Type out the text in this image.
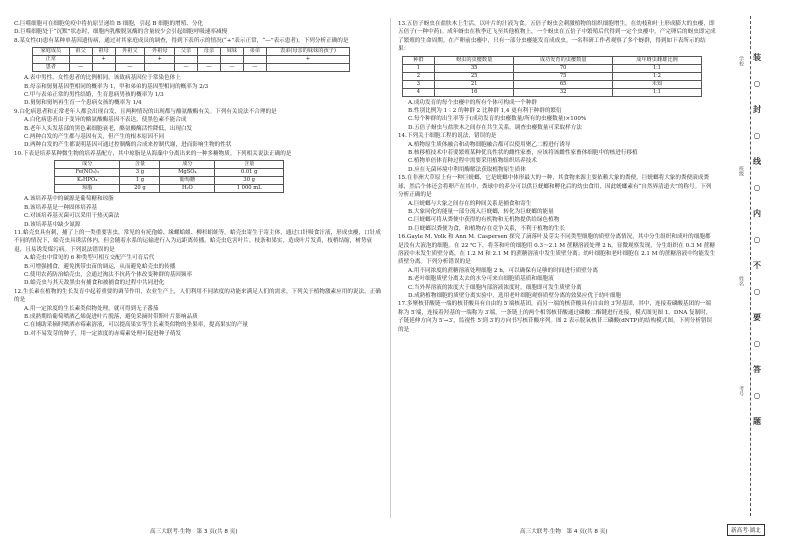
C.巨噬细胞可在细胞免疫中将抗原呈递给 B 细胞，引起 B 细胞的增殖、分化

D.巨噬细胞处于“沉默”状态时，细胞内乳酸脱氢酶的含量较少会引起细胞呼吸速率减慢

8.某女性(Ⅰ)患有某种单基因遗传病，通过对其家庭成员的调查，得到下表所示的情况(“+”表示正常，“—”表示患者)。下列分析正确的是

家庭成员	祖父	祖母	外祖父	外祖母	父亲	母亲	妹妹	弟弟	表弟(母亲的妹妹的孩子)
正常		+		+					+
患者	—		—		—	—	—	—	

A.表中男性、女性患者的比例相同，该致病基因位于常染色体上

B.母亲和舅舅基因型相同的概率为 1，甲和弟弟的基因型相同的概率为 2/3

C.甲与表弟正常的男性结婚，生育患病男孩的概率为 1/3

D.舅舅和舅妈再生育一个患病女孩的概率为 1/4

9.白化病患者和正常老年人都会出现白发，且两种情况的出现都与酪氨酸酶有关。下列有关说法不合理的是

A.白化病患者由于变异的酪氨酸酶基因不表达，使黑色素不能合成

B.老年人头发基部的黑色素细胞衰老，酪氨酸酶活性降低，出现白发

C.两种白发的产生都与基因有关，但产生的根本原因不同

D.两种白发的产生都说明基因可通过控制酶的合成来控制代谢，进而影响生物的性状

10.下表是培养某种微生物的培养基配方，其中琼脂是从海藻中分离出来的一种多糖物质。下列相关说法正确的是

成分	含量	成分	含量
Fe(NO₃)₃	3 g	MgSO₄	0.01 g
K₂HPO₄	1 g	葡萄糖	30 g
琼脂	20 g	H₂O	1 000 mL

A.该培养基中的碳源是葡萄糖和琼脂

B.该培养基是一种固体培养基

C.对该培养基灭菌可以采用干热灭菌法

D.该培养基中缺少氮源

11.蛤壳虫具有刺，捕了上的一类重要害虫，常见的有疣孢蛤、缘螺蛤蛆、柳杉蛆蛙等。蛤壳虫寄生于寄主体，通过口针吸食汁液，形成虫瘿，口针成不同的情况下，蛤壳虫具诱活体内，但会随着水系的运输进行入为远距离传播。蛤壳虫危害叶片，枝条和果实，造成叶片发黄，枝梢结缩，树势衰退，且易诱发煤污病。下列说法错误的是

A.蛤壳虫中常见的 6 种类型可相互交配产生可育后代

B.可增强捕食，避免携带虫苗的调运，从而避免蛤壳虫的传播

C.使用农药防治蛤壳虫，会通过淘汰不抗药个体改变种群的基因频率

D.蛤壳虫与其天敌黑虫有捕食和被捕食的过程中共同进化

12.生长素在植物的生长发育中起着重要的调节作用，农业生产上，人们利用不同浓度的功能来满足人们的需求。下列关于植物激素应用的说法，正确的是

A.用一定浓度的生长素类似物处理，就可得到无子番茄

B.成熟期给葡萄喷洒乙烯促进叶片脱落，避免采摘时带斯叶片影响品质

C.在辅助采摘时喷洒赤霉素溶液，可以提高果实等生长素类似物的坐果率，提高果实的产量

D.对不易发芽的种子，用一定浓度的赤霉素处理可促进种子萌发

13.五倍子蚜虫在盐肤木上生活，以叶片的汁液为食。五倍子蚜虫会刺激植物的组织细胞增生，在幼枝和叶上形成膨大的虫瘿，即五倍子(一种中药)。成年蚜虫在秋季迁飞至其他植物上，一个蚜虫在五倍子中繁殖后代得到一定个虫瘿中，产完卵后的蚜虫即完成了繁殖的生命周期。在产卵前虫瘿中，只有一部分虫瘿能发育成成虫。一名科研工作者观察了多个蚜群，得到如下表所示的结果：

种群	蚜虫的虫瘿数量	成功发育的虫瘿数量	成年蚜虫雌雄比例
1	35	70	1∶1
2	25	75	1∶2
3	21	65	未知
4	16	32	1∶1

A.成功发育的每个虫瘿中的所有个体可构成一个种群

B.性别比例为 1∶2 的种群 2 比种群 1,4 更有利于种群的繁衍

C.每个种群的出生率等于(成功发育的虫瘿数量/所有的虫瘿数量)×100%

D.五倍子蚜虫与盐肤木之间存在共生关系，调查虫瘿数量可采取样方法

14.下列关于细胞工程的说法，错误的是

A.植物原生质体融合和动物细胞融合都可以使用聚乙二醇进行诱导

B.核移植技术中若要繁殖某种优良性状的雌性家畜，应该将该雌性家畜体细胞中的核进行移植

C.植物单倍体育种过程中需要采用植物组织培养技术

D.应在无菌环境中利用酶解法获取植物原生质体

15.在非洲大草原上有一种巨蜣螂，它是蜣螂中体形最大的一种，其食物来源主要依赖大象的粪便。巨蜣螂将大象的粪便滚成粪球，然后个体还会将卵产在其中，粪球中的养分可以供巨蜣螂和孵化后的幼虫食用，因此蜣螂素有“自然界清道夫”的称号。下列分析正确的是

A.巨蜣螂与大象之间存在的种间关系是捕食和寄生

B.大象同化的能量一部分流入巨蜣螂，转化为巨蜣螂的能量

C.巨蜣螂可将从粪便中获得的有机物和无机物提供给绿色植物

D.巨蜣螂以粪便为食，和植物存在竞争关系，不利于植物的生长

16.Gayle M. Volk 和 Ann M. Caspersen 探究了滴落叶及芽尖不同类型细胞的质壁分离情况，其中分生组织和成叶的细胞都是没有大液泡的细胞。在 22 ℃下，将茎和叶的细胞用 0.3～2.1 M 蔗糖溶液处理 2 h，显微观察发现，分生组织在 0.3 M 蔗糖溶液中未发生质壁分离，在 1.2 M 和 2.1 M 的蔗糖溶液中发生质壁分离；幼叶细胞和老叶细胞在 2.1 M 的蔗糖溶液中均能发生质壁分离。下列分析错误的是

A.用不同浓度的蔗糖溶液处理细胞 2 h，可以确保有足够的时间进行质壁分离

B.老叶细胞质壁分离太去的水分可来自细胞质基质和细胞液

C.当外界溶液的浓度大于细胞内部溶液浓度时，细胞即可发生质壁分离

D.成熟植物细胞的质壁分离实验中，选用老叶细胞观察质壁分离的效果应优于幼叶细胞

17.多聚核苷酸链一端的核苷酸具有自由的 5′端核基团，而另一端的核苷酸具有自由的 3′羟基团，其中，连接着磷酸基团的一端称为 5′端，连接着羟基的一端称为 3′端，一条链上的两个相邻核苷酸通过磷酸二酯键进行连接，模式图见图 1。DNA 复制时，子链延伸方向为 5′→3′，监视性 5′到 3′的方向书写核苷酸序列。图 2 表示脱氧核苷三磷酸(dNTP)的结构模式图。下列分析错误的是

学校
班级
姓名
考号
装
○
封
○
线
○
内
○
不
○
要
○
答
○
题
高三大联考·生物　第 3 页(共 8 页)	高三大联考·生物　第 4 页(共 8 页)	新高考·湖北
